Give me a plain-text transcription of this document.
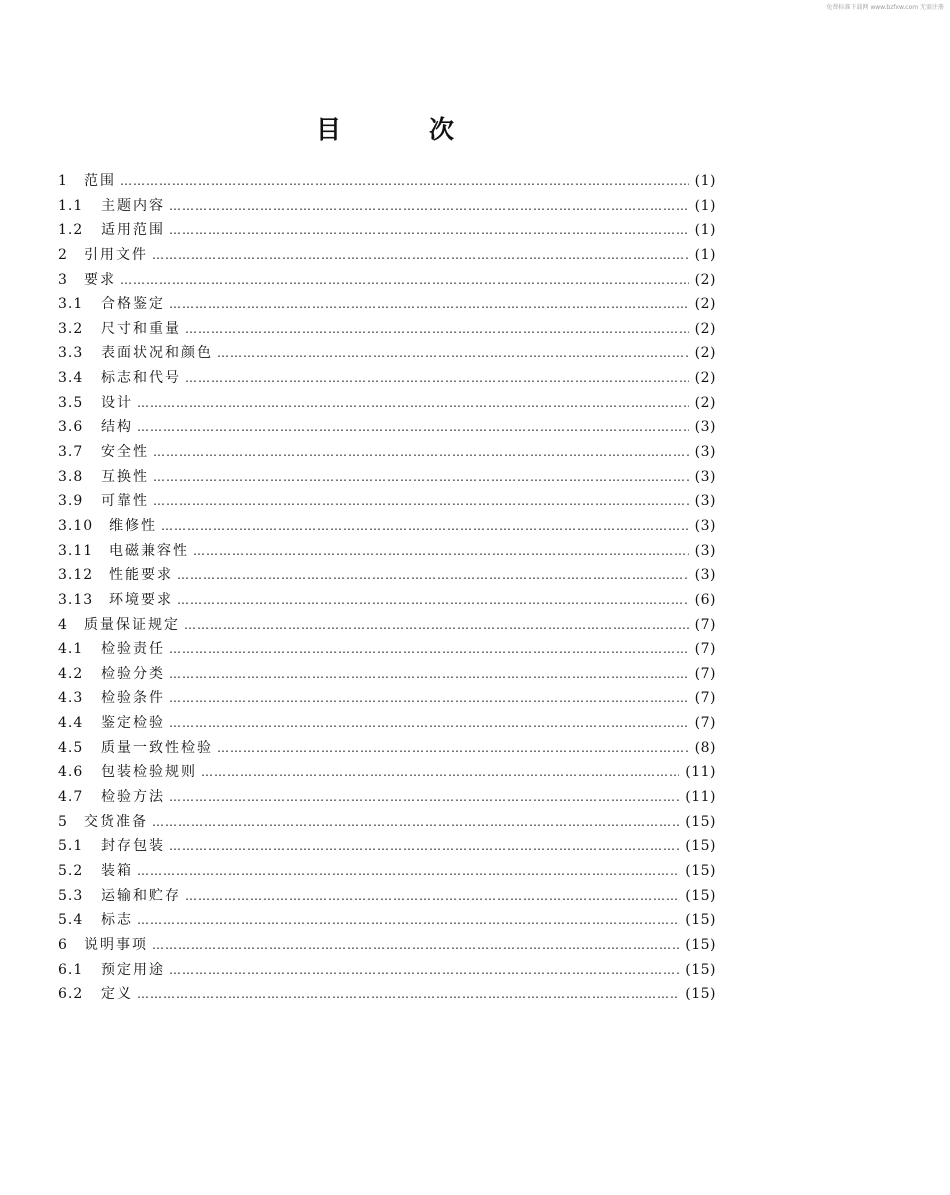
免费标准下载网 www.bzfxw.com 无需注册
目次
1	范围 ………………………………………………………………………………………………………………………………………………	(1)
1.1	主题内容 ………………………………………………………………………………………………………………………………………………	(1)
1.2	适用范围 ………………………………………………………………………………………………………………………………………………	(1)
2	引用文件 ………………………………………………………………………………………………………………………………………………	(1)
3	要求 ………………………………………………………………………………………………………………………………………………	(2)
3.1	合格鉴定 ………………………………………………………………………………………………………………………………………………	(2)
3.2	尺寸和重量 ………………………………………………………………………………………………………………………………………………	(2)
3.3	表面状况和颜色 ………………………………………………………………………………………………………………………………………………	(2)
3.4	标志和代号 ………………………………………………………………………………………………………………………………………………	(2)
3.5	设计 ………………………………………………………………………………………………………………………………………………	(2)
3.6	结构 ………………………………………………………………………………………………………………………………………………	(3)
3.7	安全性 ………………………………………………………………………………………………………………………………………………	(3)
3.8	互换性 ………………………………………………………………………………………………………………………………………………	(3)
3.9	可靠性 ………………………………………………………………………………………………………………………………………………	(3)
3.10	维修性 ………………………………………………………………………………………………………………………………………………	(3)
3.11	电磁兼容性 ………………………………………………………………………………………………………………………………………………	(3)
3.12	性能要求 ………………………………………………………………………………………………………………………………………………	(3)
3.13	环境要求 ………………………………………………………………………………………………………………………………………………	(6)
4	质量保证规定 ………………………………………………………………………………………………………………………………………………	(7)
4.1	检验责任 ………………………………………………………………………………………………………………………………………………	(7)
4.2	检验分类 ………………………………………………………………………………………………………………………………………………	(7)
4.3	检验条件 ………………………………………………………………………………………………………………………………………………	(7)
4.4	鉴定检验 ………………………………………………………………………………………………………………………………………………	(7)
4.5	质量一致性检验 ………………………………………………………………………………………………………………………………………………	(8)
4.6	包装检验规则 ………………………………………………………………………………………………………………………………………………	(11)
4.7	检验方法 ………………………………………………………………………………………………………………………………………………	(11)
5	交货准备 ………………………………………………………………………………………………………………………………………………	(15)
5.1	封存包装 ………………………………………………………………………………………………………………………………………………	(15)
5.2	装箱 ………………………………………………………………………………………………………………………………………………	(15)
5.3	运输和贮存 ………………………………………………………………………………………………………………………………………………	(15)
5.4	标志 ………………………………………………………………………………………………………………………………………………	(15)
6	说明事项 ………………………………………………………………………………………………………………………………………………	(15)
6.1	预定用途 ………………………………………………………………………………………………………………………………………………	(15)
6.2	定义 ………………………………………………………………………………………………………………………………………………	(15)
